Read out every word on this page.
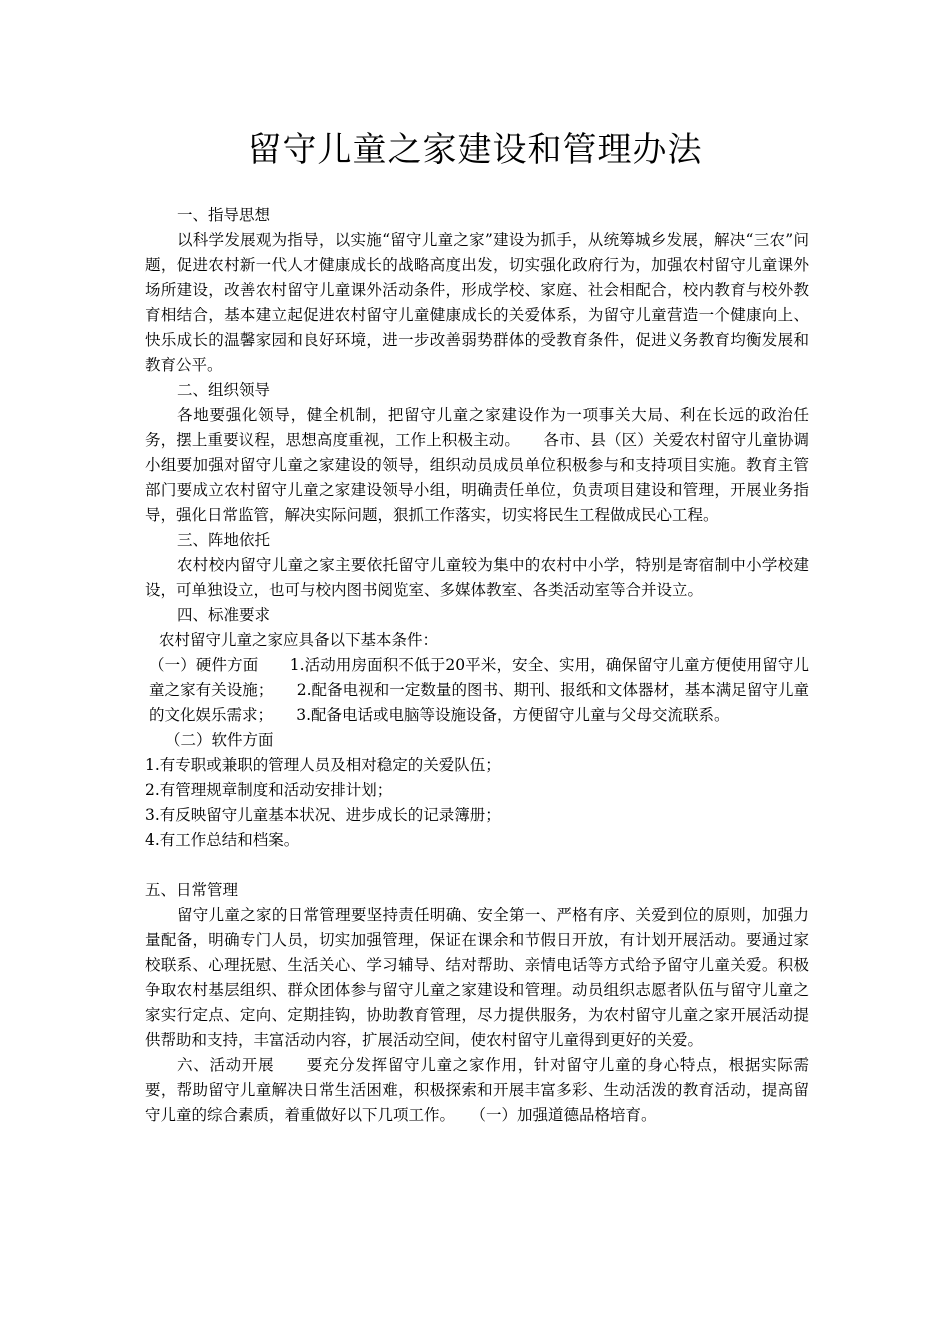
留守儿童之家建设和管理办法

一、指导思想

以科学发展观为指导，以实施“留守儿童之家”建设为抓手，从统筹城乡发展，解决“三农”问题，促进农村新一代人才健康成长的战略高度出发，切实强化政府行为，加强农村留守儿童课外场所建设，改善农村留守儿童课外活动条件，形成学校、家庭、社会相配合，校内教育与校外教育相结合，基本建立起促进农村留守儿童健康成长的关爱体系，为留守儿童营造一个健康向上、快乐成长的温馨家园和良好环境，进一步改善弱势群体的受教育条件，促进义务教育均衡发展和教育公平。

二、组织领导

各地要强化领导，健全机制，把留守儿童之家建设作为一项事关大局、利在长远的政治任务，摆上重要议程，思想高度重视，工作上积极主动。　　各市、县（区）关爱农村留守儿童协调小组要加强对留守儿童之家建设的领导，组织动员成员单位积极参与和支持项目实施。教育主管部门要成立农村留守儿童之家建设领导小组，明确责任单位，负责项目建设和管理，开展业务指导，强化日常监管，解决实际问题，狠抓工作落实，切实将民生工程做成民心工程。

三、阵地依托

农村校内留守儿童之家主要依托留守儿童较为集中的农村中小学，特别是寄宿制中小学校建设，可单独设立，也可与校内图书阅览室、多媒体教室、各类活动室等合并设立。

四、标准要求

农村留守儿童之家应具备以下基本条件：

（一）硬件方面　　1.活动用房面积不低于20平米，安全、实用，确保留守儿童方便使用留守儿童之家有关设施；　　2.配备电视和一定数量的图书、期刊、报纸和文体器材，基本满足留守儿童的文化娱乐需求；　　3.配备电话或电脑等设施设备，方便留守儿童与父母交流联系。

（二）软件方面

1.有专职或兼职的管理人员及相对稳定的关爱队伍；

2.有管理规章制度和活动安排计划；

3.有反映留守儿童基本状况、进步成长的记录簿册；

4.有工作总结和档案。

五、日常管理

留守儿童之家的日常管理要坚持责任明确、安全第一、严格有序、关爱到位的原则，加强力量配备，明确专门人员，切实加强管理，保证在课余和节假日开放，有计划开展活动。要通过家校联系、心理抚慰、生活关心、学习辅导、结对帮助、亲情电话等方式给予留守儿童关爱。积极争取农村基层组织、群众团体参与留守儿童之家建设和管理。动员组织志愿者队伍与留守儿童之家实行定点、定向、定期挂钩，协助教育管理，尽力提供服务，为农村留守儿童之家开展活动提供帮助和支持，丰富活动内容，扩展活动空间，使农村留守儿童得到更好的关爱。

六、活动开展　　要充分发挥留守儿童之家作用，针对留守儿童的身心特点，根据实际需要，帮助留守儿童解决日常生活困难，积极探索和开展丰富多彩、生动活泼的教育活动，提高留守儿童的综合素质，着重做好以下几项工作。　　（一）加强道德品格培育。
